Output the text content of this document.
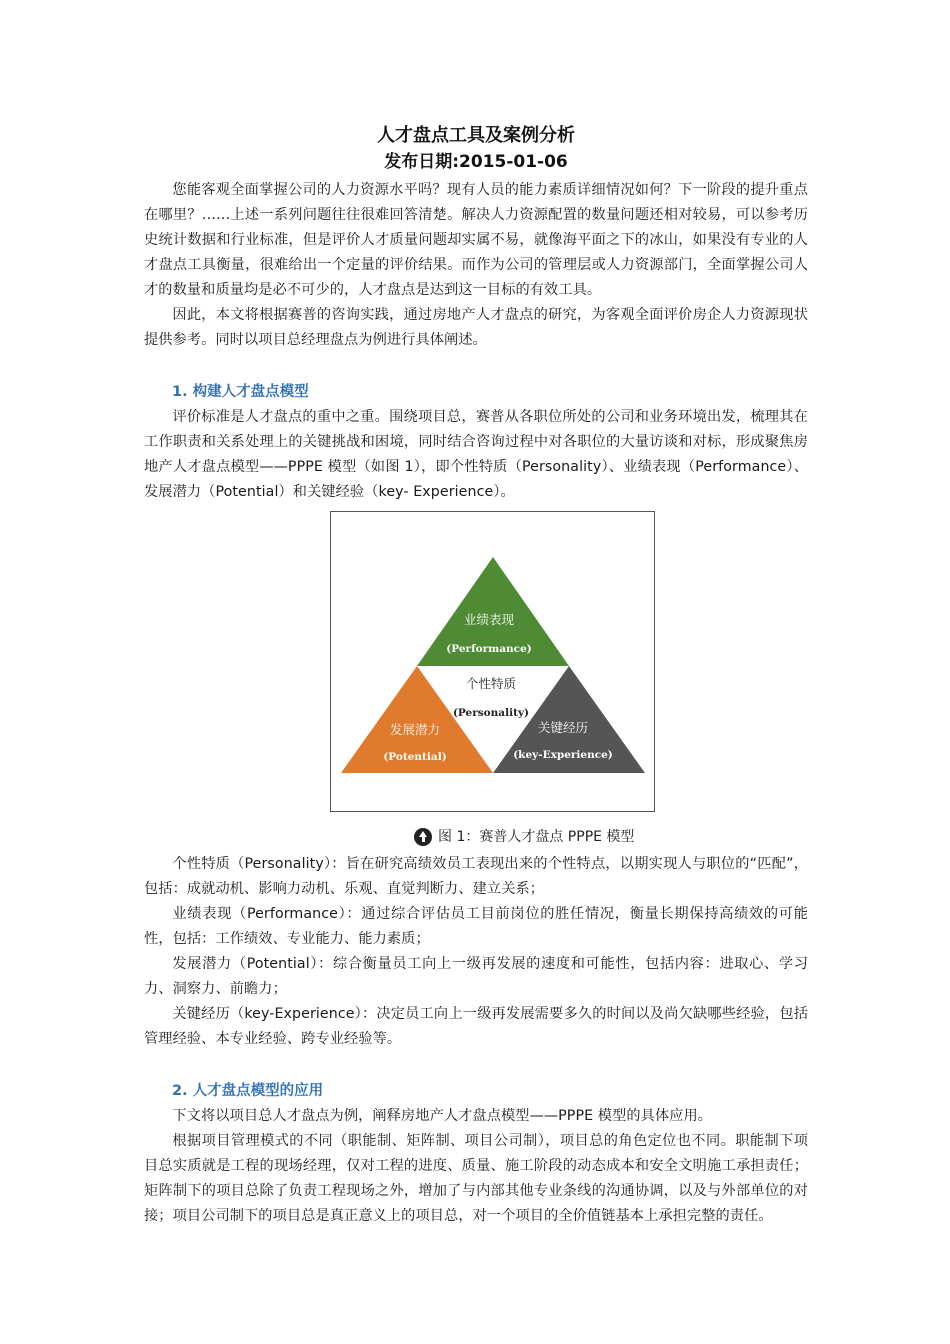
人才盘点工具及案例分析
发布日期:2015-01-06

您能客观全面掌握公司的人力资源水平吗？现有人员的能力素质详细情况如何？下一阶段的提升重点在哪里？……上述一系列问题往往很难回答清楚。解决人力资源配置的数量问题还相对较易，可以参考历史统计数据和行业标准，但是评价人才质量问题却实属不易，就像海平面之下的冰山，如果没有专业的人才盘点工具衡量，很难给出一个定量的评价结果。而作为公司的管理层或人力资源部门，全面掌握公司人才的数量和质量均是必不可少的，人才盘点是达到这一目标的有效工具。

因此，本文将根据赛普的咨询实践，通过房地产人才盘点的研究，为客观全面评价房企人力资源现状提供参考。同时以项目总经理盘点为例进行具体阐述。

1. 构建人才盘点模型

评价标准是人才盘点的重中之重。围绕项目总，赛普从各职位所处的公司和业务环境出发，梳理其在工作职责和关系处理上的关键挑战和困境，同时结合咨询过程中对各职位的大量访谈和对标，形成聚焦房地产人才盘点模型——PPPE 模型（如图 1），即个性特质（Personality）、业绩表现（Performance）、发展潜力（Potential）和关键经验（key- Experience）。

业绩表现
(Performance)
个性特质
(Personality)
发展潜力
(Potential)
关键经历
(key-Experience)
图 1：赛普人才盘点 PPPE 模型

个性特质（Personality）：旨在研究高绩效员工表现出来的个性特点，以期实现人与职位的“匹配”，包括：成就动机、影响力动机、乐观、直觉判断力、建立关系；

业绩表现（Performance）：通过综合评估员工目前岗位的胜任情况，衡量长期保持高绩效的可能性，包括：工作绩效、专业能力、能力素质；

发展潜力（Potential）：综合衡量员工向上一级再发展的速度和可能性，包括内容：进取心、学习力、洞察力、前瞻力；

关键经历（key-Experience）：决定员工向上一级再发展需要多久的时间以及尚欠缺哪些经验，包括管理经验、本专业经验、跨专业经验等。

2. 人才盘点模型的应用

下文将以项目总人才盘点为例，阐释房地产人才盘点模型——PPPE 模型的具体应用。

根据项目管理模式的不同（职能制、矩阵制、项目公司制），项目总的角色定位也不同。职能制下项目总实质就是工程的现场经理，仅对工程的进度、质量、施工阶段的动态成本和安全文明施工承担责任；矩阵制下的项目总除了负责工程现场之外，增加了与内部其他专业条线的沟通协调，以及与外部单位的对接；项目公司制下的项目总是真正意义上的项目总，对一个项目的全价值链基本上承担完整的责任。
